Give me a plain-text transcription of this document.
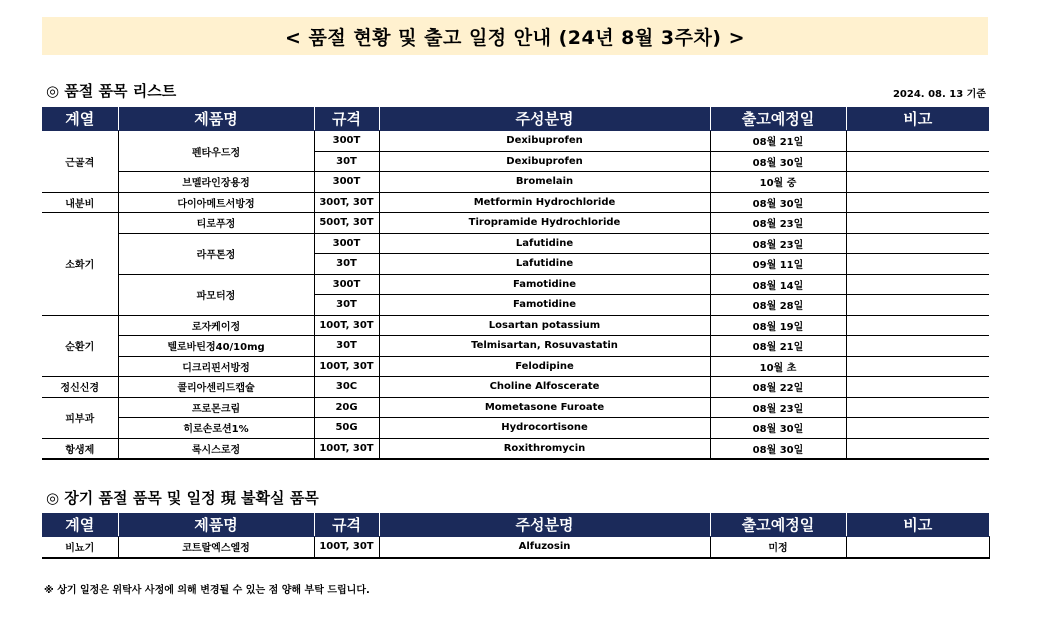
< 품절 현황 및 출고 일정 안내 (24년 8월 3주차) >
◎ 품절 품목 리스트	2024. 08. 13 기준
계열	제품명	규격	주성분명	출고예정일	비고
근골격	펜타우드정	300T	Dexibuprofen	08월 21일	
		30T	Dexibuprofen	08월 30일	
	브멜라인장용정	300T	Bromelain	10월 중	
내분비	다이아메트서방정	300T, 30T	Metformin Hydrochloride	08월 30일	
소화기	티로푸정	500T, 30T	Tiropramide Hydrochloride	08월 23일	
	라푸톤정	300T	Lafutidine	08월 23일	
		30T	Lafutidine	09월 11일	
	파모터정	300T	Famotidine	08월 14일	
		30T	Famotidine	08월 28일	
순환기	로자케이정	100T, 30T	Losartan potassium	08월 19일	
	텔로바틴정40/10mg	30T	Telmisartan, Rosuvastatin	08월 21일	
	디크리핀서방정	100T, 30T	Felodipine	10월 초	
정신신경	콜리아센리드캡슐	30C	Choline Alfoscerate	08월 22일	
피부과	프로몬크림	20G	Mometasone Furoate	08월 23일	
	히로손로션1%	50G	Hydrocortisone	08월 30일	
항생제	록시스로정	100T, 30T	Roxithromycin	08월 30일	
◎ 장기 품절 품목 및 일정 現 불확실 품목
계열	제품명	규격	주성분명	출고예정일	비고
비뇨기	코트랄엑스엘정	100T, 30T	Alfuzosin	미정	
※ 상기 일정은 위탁사 사정에 의해 변경될 수 있는 점 양해 부탁 드립니다.
